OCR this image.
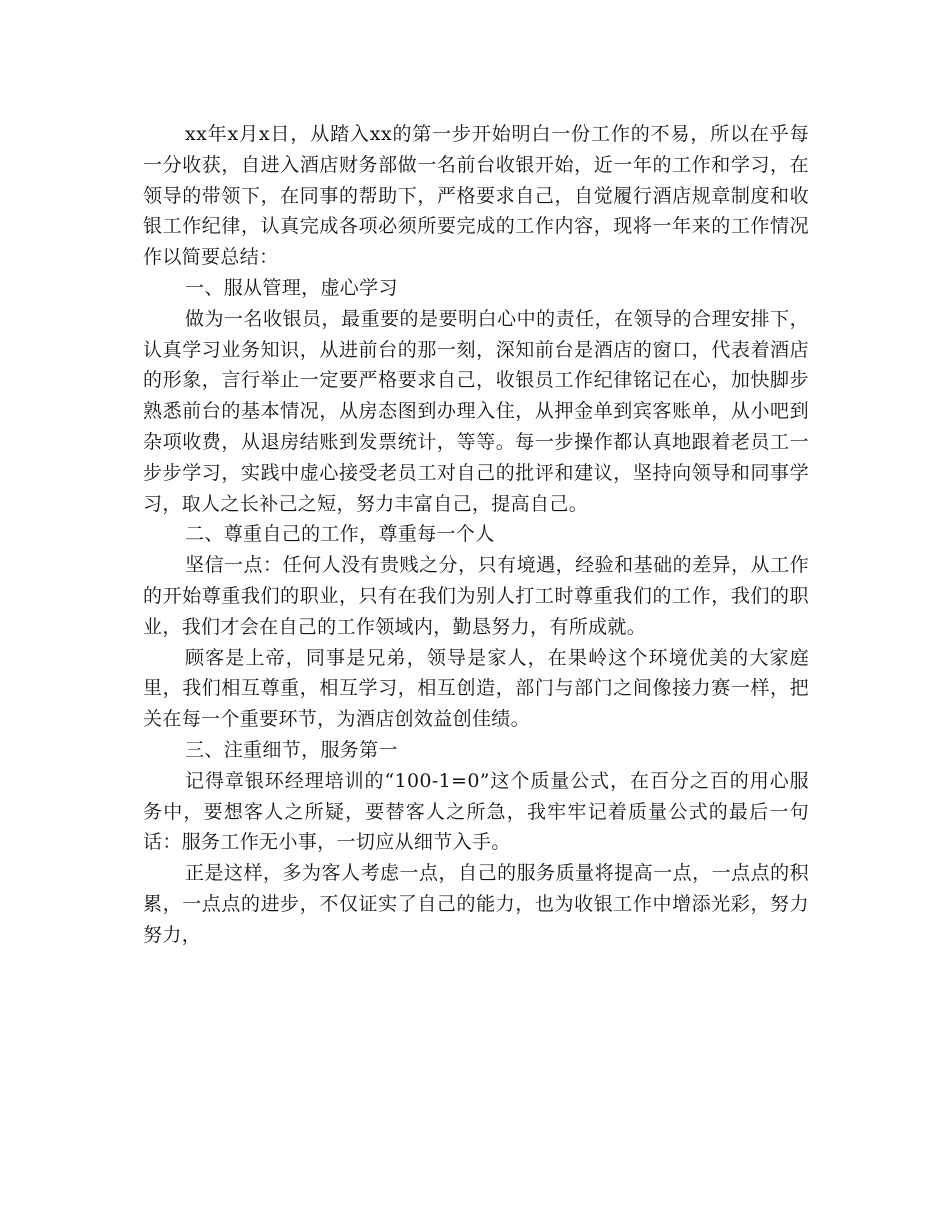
xx年x月x日，从踏入xx的第一步开始明白一份工作的不易，所以在乎每一分收获，自进入酒店财务部做一名前台收银开始，近一年的工作和学习，在领导的带领下，在同事的帮助下，严格要求自己，自觉履行酒店规章制度和收银工作纪律，认真完成各项必须所要完成的工作内容，现将一年来的工作情况作以简要总结：

一、服从管理，虚心学习

做为一名收银员，最重要的是要明白心中的责任，在领导的合理安排下，认真学习业务知识，从进前台的那一刻，深知前台是酒店的窗口，代表着酒店的形象，言行举止一定要严格要求自己，收银员工作纪律铭记在心，加快脚步熟悉前台的基本情况，从房态图到办理入住，从押金单到宾客账单，从小吧到杂项收费，从退房结账到发票统计，等等。每一步操作都认真地跟着老员工一步步学习，实践中虚心接受老员工对自己的批评和建议，坚持向领导和同事学习，取人之长补己之短，努力丰富自己，提高自己。

二、尊重自己的工作，尊重每一个人

坚信一点：任何人没有贵贱之分，只有境遇，经验和基础的差异，从工作的开始尊重我们的职业，只有在我们为别人打工时尊重我们的工作，我们的职业，我们才会在自己的工作领域内，勤恳努力，有所成就。

顾客是上帝，同事是兄弟，领导是家人，在果岭这个环境优美的大家庭里，我们相互尊重，相互学习，相互创造，部门与部门之间像接力赛一样，把关在每一个重要环节，为酒店创效益创佳绩。

三、注重细节，服务第一

记得章银环经理培训的“100-1=0”这个质量公式，在百分之百的用心服务中，要想客人之所疑，要替客人之所急，我牢牢记着质量公式的最后一句话：服务工作无小事，一切应从细节入手。

正是这样，多为客人考虑一点，自己的服务质量将提高一点，一点点的积累，一点点的进步，不仅证实了自己的能力，也为收银工作中增添光彩，努力努力，
